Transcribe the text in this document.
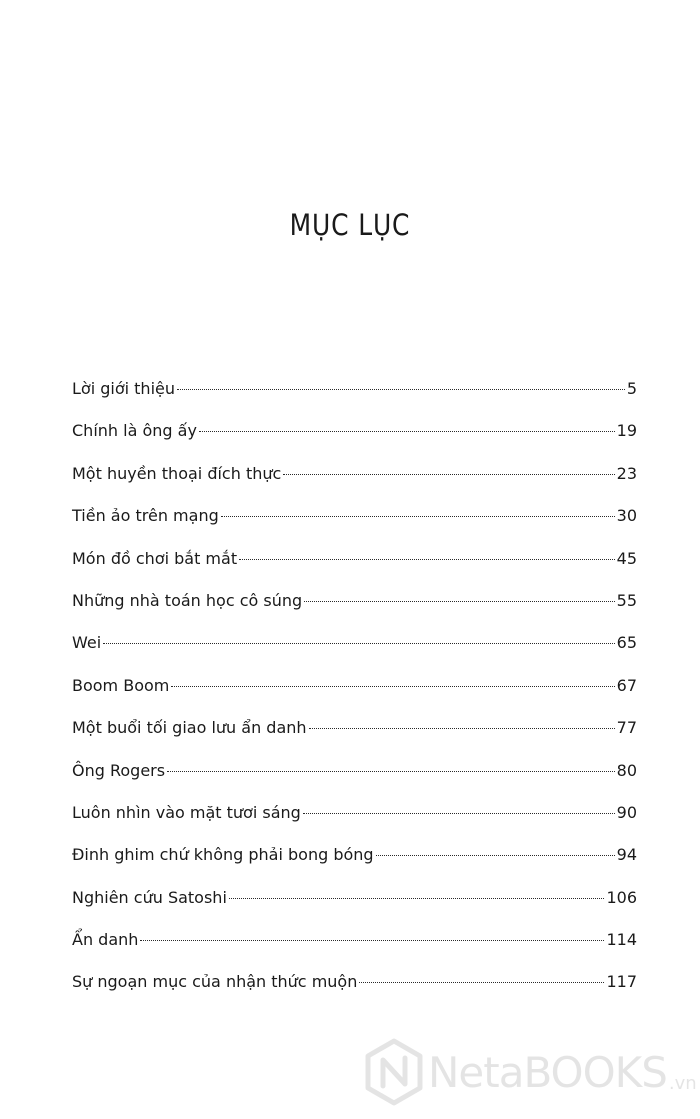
MỤC LỤC
Lời giới thiệu	5
Chính là ông ấy	19
Một huyền thoại đích thực	23
Tiền ảo trên mạng	30
Món đồ chơi bắt mắt	45
Những nhà toán học cô súng	55
Wei	65
Boom Boom	67
Một buổi tối giao lưu ẩn danh	77
Ông Rogers	80
Luôn nhìn vào mặt tươi sáng	90
Đinh ghim chứ không phải bong bóng	94
Nghiên cứu Satoshi	106
Ẩn danh	114
Sự ngoạn mục của nhận thức muộn	117
NetaBOOKS .vn
